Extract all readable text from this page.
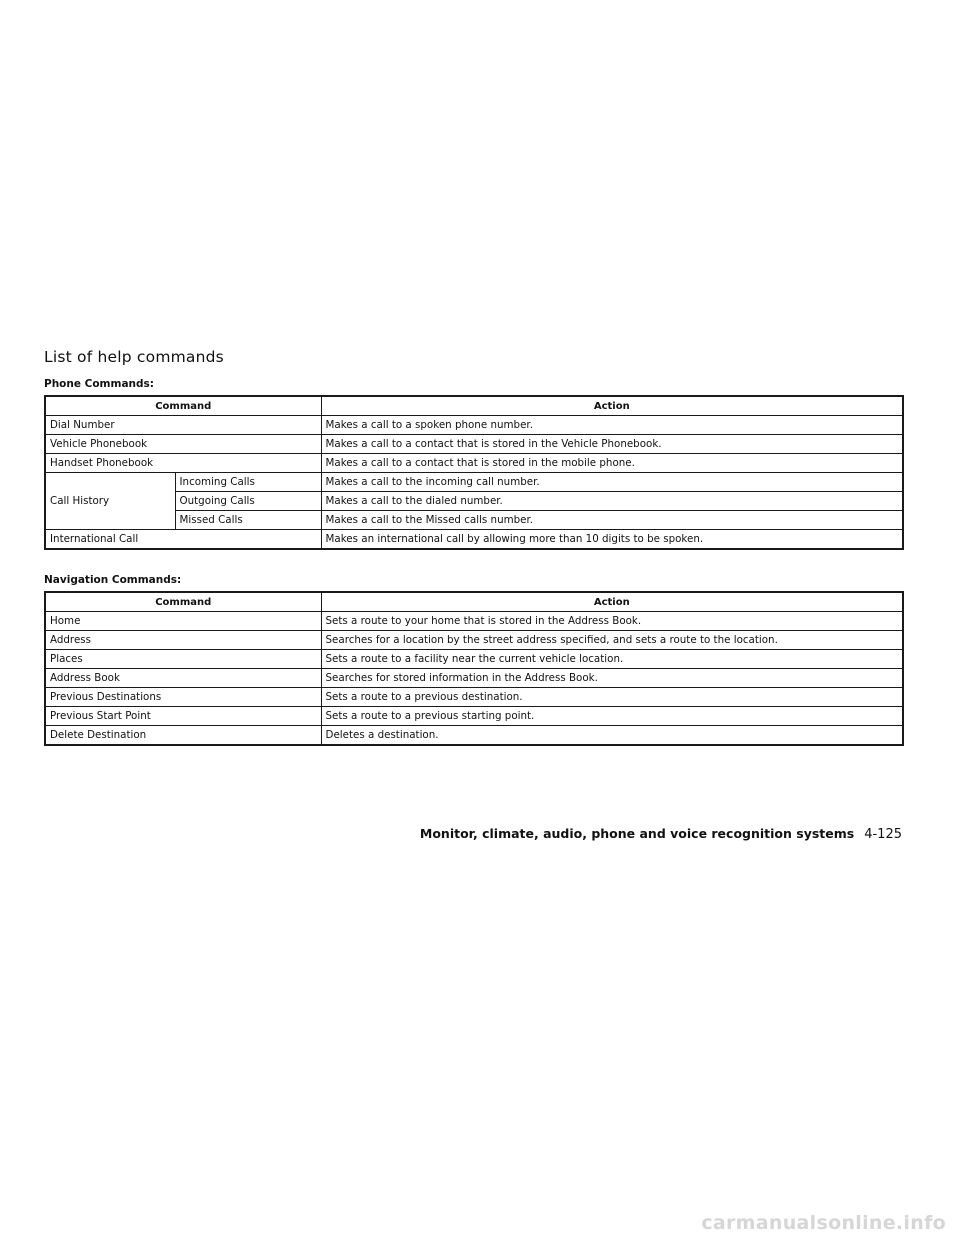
List of help commands
Phone Commands:
Command		Action
Dial Number		Makes a call to a spoken phone number.
Vehicle Phonebook		Makes a call to a contact that is stored in the Vehicle Phonebook.
Handset Phonebook		Makes a call to a contact that is stored in the mobile phone.
Call History	Incoming Calls	Makes a call to the incoming call number.
	Outgoing Calls	Makes a call to the dialed number.
	Missed Calls	Makes a call to the Missed calls number.
International Call		Makes an international call by allowing more than 10 digits to be spoken.
Navigation Commands:
Command	Action
Home	Sets a route to your home that is stored in the Address Book.
Address	Searches for a location by the street address specified, and sets a route to the location.
Places	Sets a route to a facility near the current vehicle location.
Address Book	Searches for stored information in the Address Book.
Previous Destinations	Sets a route to a previous destination.
Previous Start Point	Sets a route to a previous starting point.
Delete Destination	Deletes a destination.
Monitor, climate, audio, phone and voice recognition systems 4-125
carmanualsonline.info
